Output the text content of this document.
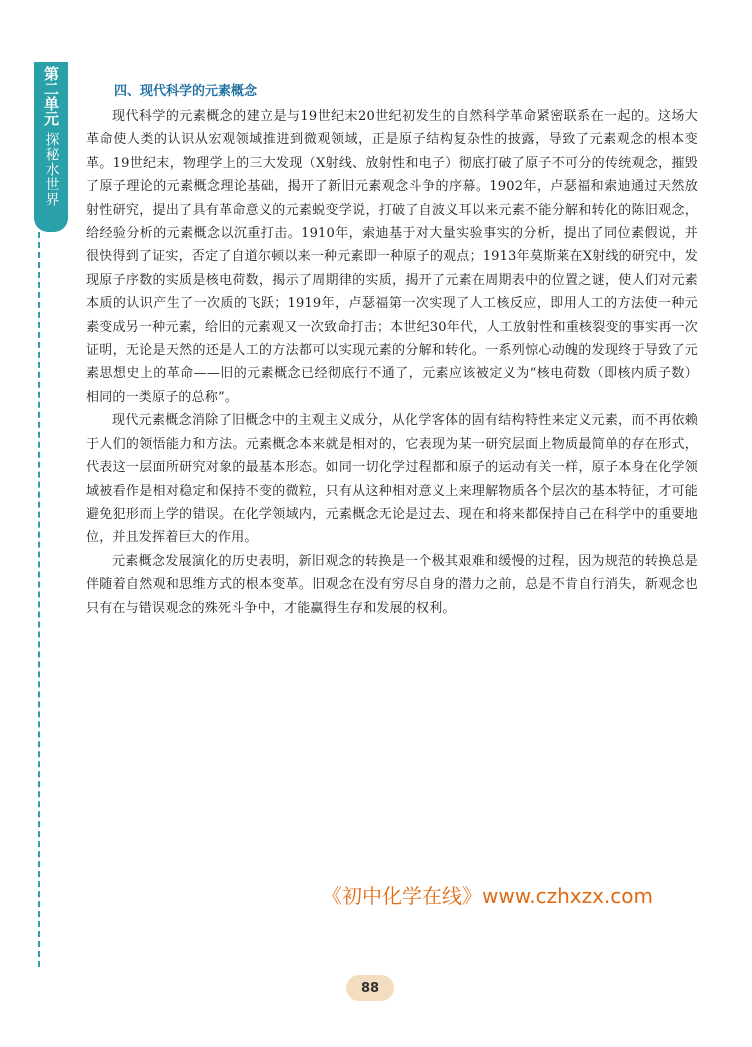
第二单元
探秘水世界
四、现代科学的元素概念

现代科学的元素概念的建立是与19世纪末20世纪初发生的自然科学革命紧密联系在一起的。这场大革命使人类的认识从宏观领域推进到微观领域，正是原子结构复杂性的披露，导致了元素观念的根本变革。19世纪末，物理学上的三大发现（X射线、放射性和电子）彻底打破了原子不可分的传统观念，摧毁了原子理论的元素概念理论基础，揭开了新旧元素观念斗争的序幕。1902年，卢瑟福和索迪通过天然放射性研究，提出了具有革命意义的元素蜕变学说，打破了自波义耳以来元素不能分解和转化的陈旧观念，给经验分析的元素概念以沉重打击。1910年，索迪基于对大量实验事实的分析，提出了同位素假说，并很快得到了证实，否定了自道尔顿以来一种元素即一种原子的观点；1913年莫斯莱在X射线的研究中，发现原子序数的实质是核电荷数，揭示了周期律的实质，揭开了元素在周期表中的位置之谜，使人们对元素本质的认识产生了一次质的飞跃；1919年，卢瑟福第一次实现了人工核反应，即用人工的方法使一种元素变成另一种元素，给旧的元素观又一次致命打击；本世纪30年代，人工放射性和重核裂变的事实再一次证明，无论是天然的还是人工的方法都可以实现元素的分解和转化。一系列惊心动魄的发现终于导致了元素思想史上的革命——旧的元素概念已经彻底行不通了，元素应该被定义为“核电荷数（即核内质子数）相同的一类原子的总称”。

现代元素概念消除了旧概念中的主观主义成分，从化学客体的固有结构特性来定义元素，而不再依赖于人们的领悟能力和方法。元素概念本来就是相对的，它表现为某一研究层面上物质最简单的存在形式，代表这一层面所研究对象的最基本形态。如同一切化学过程都和原子的运动有关一样，原子本身在化学领域被看作是相对稳定和保持不变的微粒，只有从这种相对意义上来理解物质各个层次的基本特征，才可能避免犯形而上学的错误。在化学领域内，元素概念无论是过去、现在和将来都保持自己在科学中的重要地位，并且发挥着巨大的作用。

元素概念发展演化的历史表明，新旧观念的转换是一个极其艰难和缓慢的过程，因为规范的转换总是伴随着自然观和思维方式的根本变革。旧观念在没有穷尽自身的潜力之前，总是不肯自行消失，新观念也只有在与错误观念的殊死斗争中，才能赢得生存和发展的权利。

《初中化学在线》www.czhxzx.com
88
